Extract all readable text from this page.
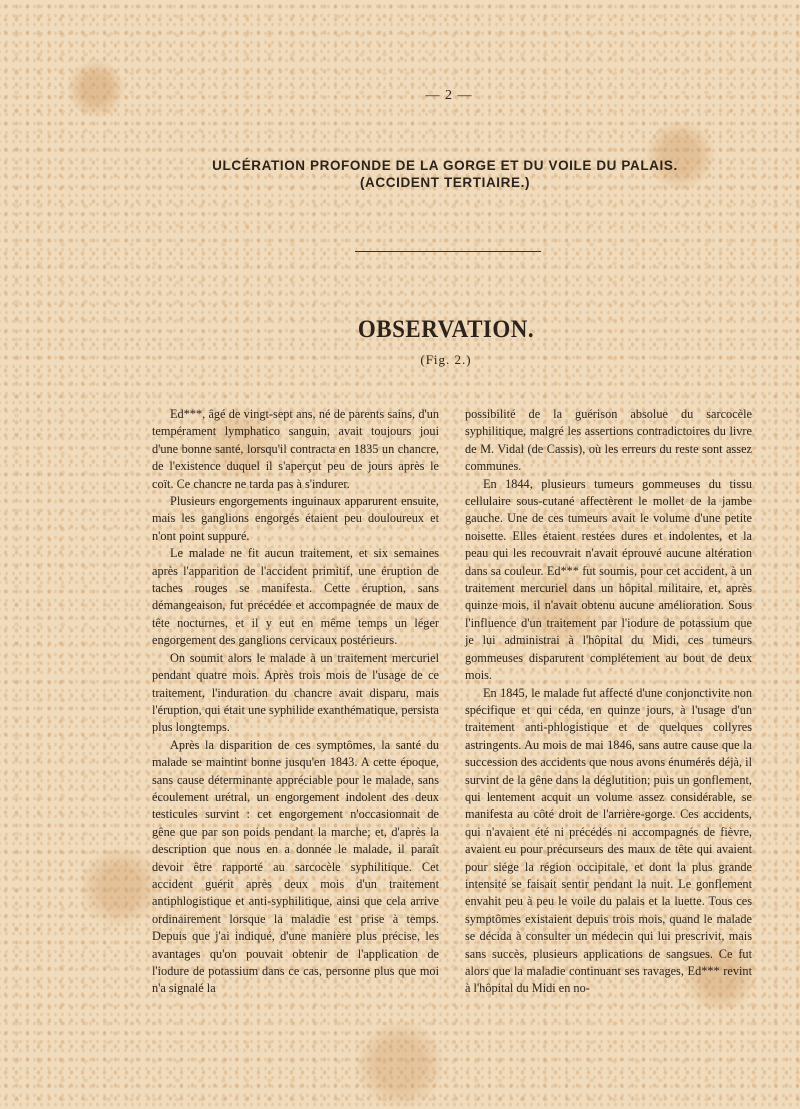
— 2 —
ULCÉRATION PROFONDE DE LA GORGE ET DU VOILE DU PALAIS.
(ACCIDENT TERTIAIRE.)
OBSERVATION.
(Fig. 2.)

Ed***, âgé de vingt-sept ans, né de parents sains, d'un tempérament lymphatico sanguin, avait toujours joui d'une bonne santé, lorsqu'il contracta en 1835 un chancre, de l'existence duquel il s'aperçut peu de jours après le coït. Ce chancre ne tarda pas à s'indurer.

Plusieurs engorgements inguinaux apparurent ensuite, mais les ganglions engorgés étaient peu douloureux et n'ont point suppuré.

Le malade ne fit aucun traitement, et six semaines après l'apparition de l'accident primitif, une éruption de taches rouges se manifesta. Cette éruption, sans démangeaison, fut précédée et accompagnée de maux de tête nocturnes, et il y eut en même temps un léger engorgement des ganglions cervicaux postérieurs.

On soumit alors le malade à un traitement mercuriel pendant quatre mois. Après trois mois de l'usage de ce traitement, l'induration du chancre avait disparu, mais l'éruption, qui était une syphilide exanthématique, persista plus longtemps.

Après la disparition de ces symptômes, la santé du malade se maintint bonne jusqu'en 1843. A cette époque, sans cause déterminante appréciable pour le malade, sans écoulement urétral, un engorgement indolent des deux testicules survint : cet engorgement n'occasionnait de gêne que par son poids pendant la marche; et, d'après la description que nous en a donnée le malade, il paraît devoir être rapporté au sarcocèle syphilitique. Cet accident guérit après deux mois d'un traitement antiphlogistique et anti-syphilitique, ainsi que cela arrive ordinairement lorsque la maladie est prise à temps. Depuis que j'ai indiqué, d'une manière plus précise, les avantages qu'on pouvait obtenir de l'application de l'iodure de potassium dans ce cas, personne plus que moi n'a signalé la

possibilité de la guérison absolue du sarcocèle syphilitique, malgré les assertions contradictoires du livre de M. Vidal (de Cassis), où les erreurs du reste sont assez communes.

En 1844, plusieurs tumeurs gommeuses du tissu cellulaire sous-cutané affectèrent le mollet de la jambe gauche. Une de ces tumeurs avait le volume d'une petite noisette. Elles étaient restées dures et indolentes, et la peau qui les recouvrait n'avait éprouvé aucune altération dans sa couleur. Ed*** fut soumis, pour cet accident, à un traitement mercuriel dans un hôpital militaire, et, après quinze mois, il n'avait obtenu aucune amélioration. Sous l'influence d'un traitement par l'iodure de potassium que je lui administrai à l'hôpital du Midi, ces tumeurs gommeuses disparurent complétement au bout de deux mois.

En 1845, le malade fut affecté d'une conjonctivite non spécifique et qui céda, en quinze jours, à l'usage d'un traitement anti-phlogistique et de quelques collyres astringents. Au mois de mai 1846, sans autre cause que la succession des accidents que nous avons énumérés déjà, il survint de la gêne dans la déglutition; puis un gonflement, qui lentement acquit un volume assez considérable, se manifesta au côté droit de l'arrière-gorge. Ces accidents, qui n'avaient été ni précédés ni accompagnés de fièvre, avaient eu pour précurseurs des maux de tête qui avaient pour siége la région occipitale, et dont la plus grande intensité se faisait sentir pendant la nuit. Le gonflement envahit peu à peu le voile du palais et la luette. Tous ces symptômes existaient depuis trois mois, quand le malade se décida à consulter un médecin qui lui prescrivit, mais sans succès, plusieurs applications de sangsues. Ce fut alors que la maladie continuant ses ravages, Ed*** revint à l'hôpital du Midi en no-
